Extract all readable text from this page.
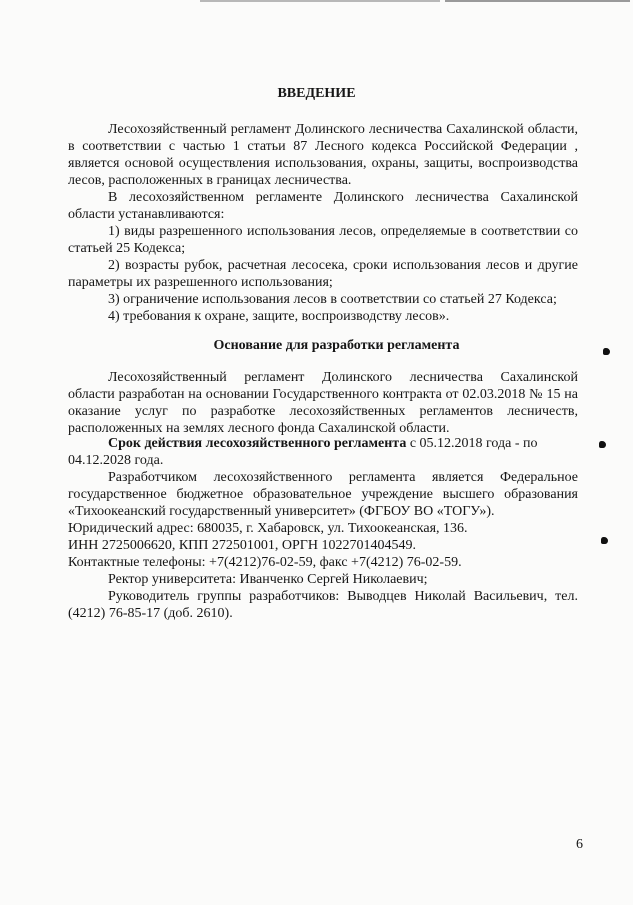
ВВЕДЕНИЕ
Лесохозяйственный регламент Долинского лесничества Сахалинской области,
в соответствии с частью 1 статьи 87 Лесного кодекса Российской Федерации ,
является основой осуществления использования, охраны, защиты, воспроизводства
лесов, расположенных в границах лесничества.
В лесохозяйственном регламенте Долинского лесничества Сахалинской
области устанавливаются:
1) виды разрешенного использования лесов, определяемые в соответствии со
статьей 25 Кодекса;
2) возрасты рубок, расчетная лесосека, сроки использования лесов и другие
параметры их разрешенного использования;
3) ограничение использования лесов в соответствии со статьей 27 Кодекса;
4) требования к охране, защите, воспроизводству лесов».
Основание для разработки регламента
Лесохозяйственный регламент Долинского лесничества Сахалинской
области разработан на основании Государственного контракта от 02.03.2018 № 15 на
оказание услуг по разработке лесохозяйственных регламентов лесничеств,
расположенных на землях лесного фонда Сахалинской области.
Срок действия лесохозяйственного регламента с 05.12.2018 года - по
04.12.2028 года.
Разработчиком лесохозяйственного регламента является Федеральное
государственное бюджетное образовательное учреждение высшего образования
«Тихоокеанский государственный университет» (ФГБОУ ВО «ТОГУ»).
Юридический адрес: 680035, г. Хабаровск, ул. Тихоокеанская, 136.
ИНН 2725006620, КПП 272501001, ОРГН 1022701404549.
Контактные телефоны: +7(4212)76-02-59, факс +7(4212) 76-02-59.
Ректор университета: Иванченко Сергей Николаевич;
Руководитель группы разработчиков: Выводцев Николай Васильевич, тел.
(4212) 76-85-17 (доб. 2610).
6
